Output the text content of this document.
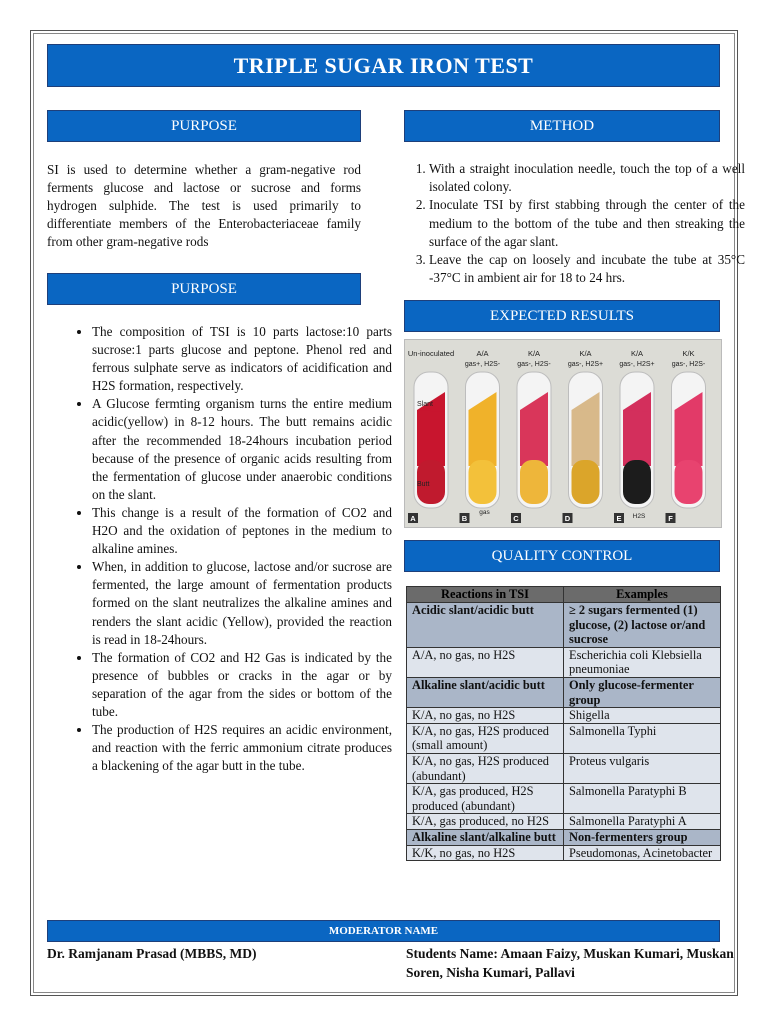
TRIPLE SUGAR IRON TEST
PURPOSE
SI is used to determine whether a gram-negative rod ferments glucose and lactose or sucrose and forms hydrogen sulphide. The test is used primarily to differentiate members of the Enterobacteriaceae family from other gram-negative rods
PURPOSE
• The composition of TSI is 10 parts lactose:10 parts sucrose:1 parts glucose and peptone. Phenol red and ferrous sulphate serve as indicators of acidification and H2S formation, respectively.
• A Glucose fermting organism turns the entire medium acidic(yellow) in 8-12 hours. The butt remains acidic after the recommended 18-24hours incubation period because of the presence of organic acids resulting from the fermentation of glucose under anaerobic conditions on the slant.
• This change is a result of the formation of CO2 and H2O and the oxidation of peptones in the medium to alkaline amines.
• When, in addition to glucose, lactose and/or sucrose are fermented, the large amount of fermentation products formed on the slant neutralizes the alkaline amines and renders the slant acidic (Yellow), provided the reaction is read in 18-24hours.
• The formation of CO2 and H2 Gas is indicated by the presence of bubbles or cracks in the agar or by separation of the agar from the sides or bottom of the tube.
• The production of H2S requires an acidic environment, and reaction with the ferric ammonium citrate produces a blackening of the agar butt in the tube.
METHOD
1. With a straight inoculation needle, touch the top of a well isolated colony.
2. Inoculate TSI by first stabbing through the center of the medium to the bottom of the tube and then streaking the surface of the agar slant.
3. Leave the cap on loosely and incubate the tube at 35°C -37°C in ambient air for 18 to 24 hrs.
EXPECTED RESULTS
Un-inoculated
A
A/A
gas+, H2S-
B
K/A
gas-, H2S-
C
K/A
gas-, H2S+
D
K/A
gas-, H2S+
E
K/K
gas-, H2S-
F
Slant
Butt
gas
H2S
QUALITY CONTROL
Reactions in TSI	Examples
Acidic slant/acidic butt	≥ 2 sugars fermented (1) glucose, (2) lactose or/and sucrose
A/A, no gas, no H2S	Escherichia coli Klebsiella pneumoniae
Alkaline slant/acidic butt	Only glucose-fermenter group
K/A, no gas, no H2S	Shigella
K/A, no gas, H2S produced (small amount)	Salmonella Typhi
K/A, no gas, H2S produced (abundant)	Proteus vulgaris
K/A, gas produced, H2S produced (abundant)	Salmonella Paratyphi B
K/A, gas produced, no H2S	Salmonella Paratyphi A
Alkaline slant/alkaline butt	Non-fermenters group
K/K, no gas, no H2S	Pseudomonas, Acinetobacter
MODERATOR NAME
Dr. Ramjanam Prasad (MBBS, MD)	Students Name: Amaan Faizy, Muskan Kumari, Muskan Soren, Nisha Kumari, Pallavi
